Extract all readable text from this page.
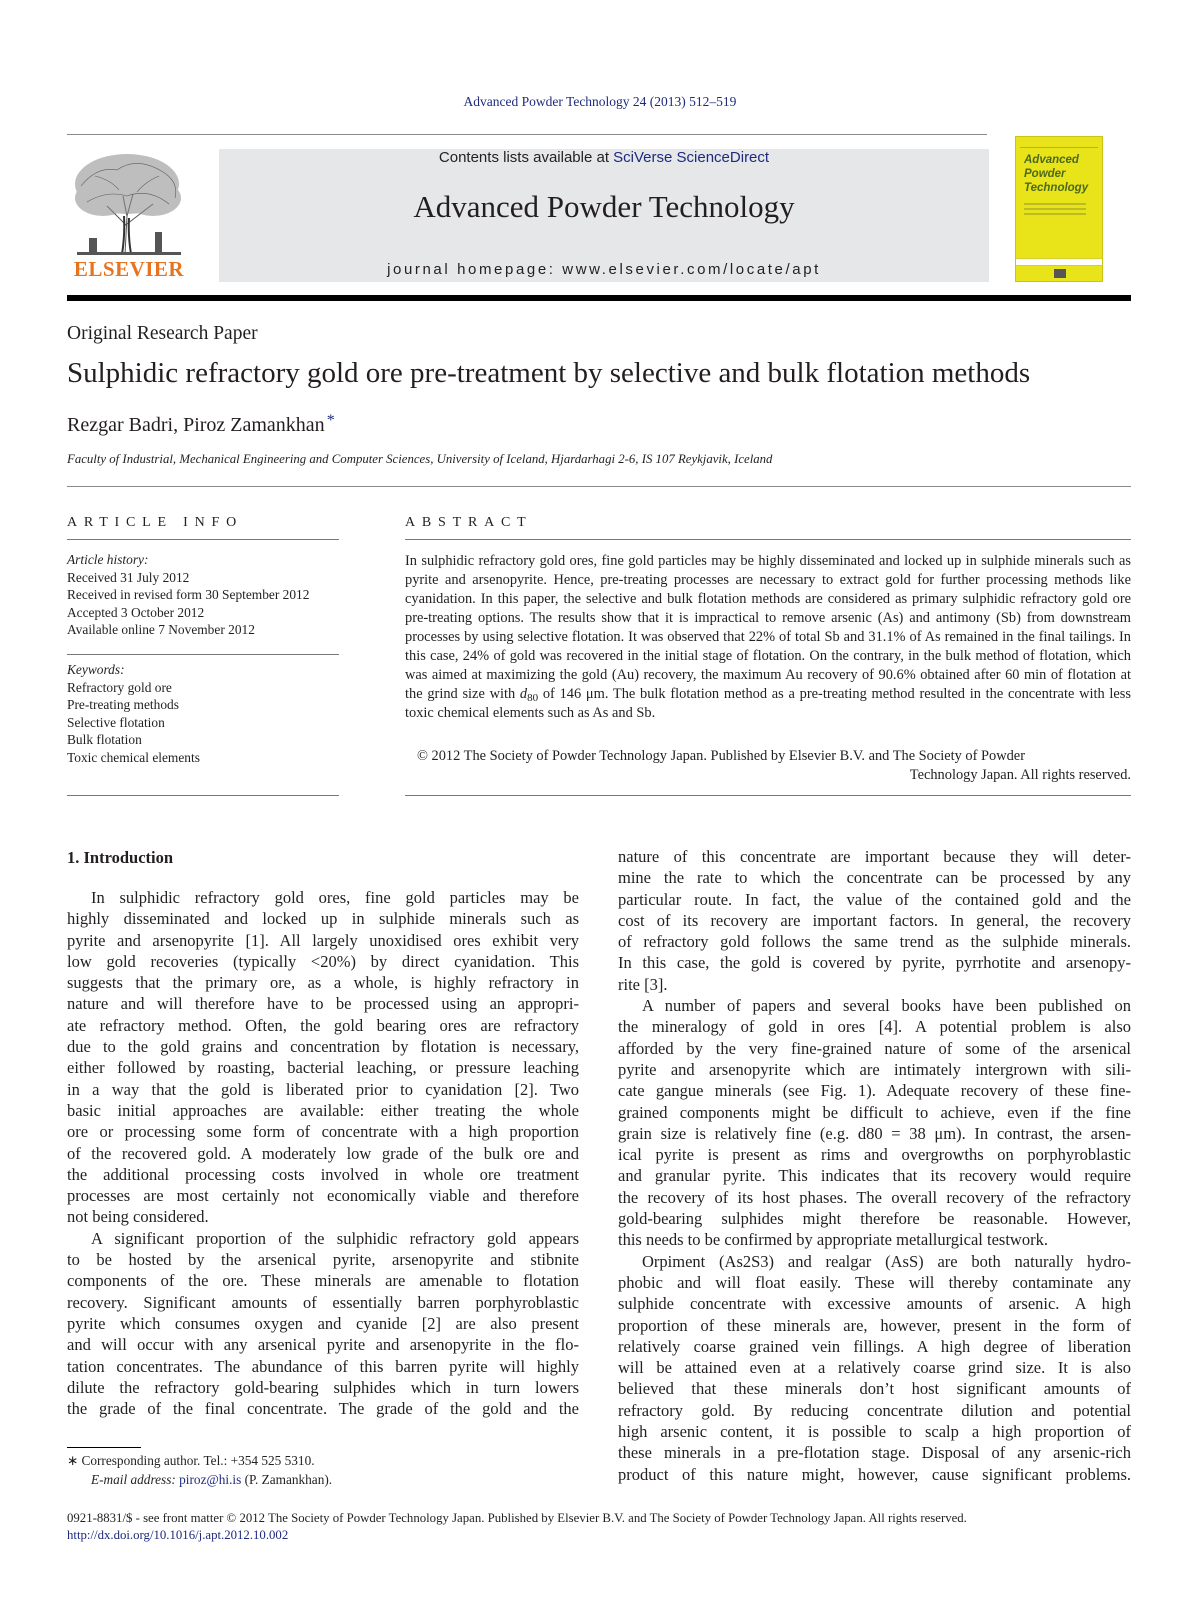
Advanced Powder Technology 24 (2013) 512–519
ELSEVIER
Contents lists available at SciVerse ScienceDirect
Advanced Powder Technology
journal homepage: www.elsevier.com/locate/apt
Advanced
Powder
Technology
Original Research Paper
Sulphidic refractory gold ore pre-treatment by selective and bulk flotation methods
Rezgar Badri, Piroz Zamankhan *
Faculty of Industrial, Mechanical Engineering and Computer Sciences, University of Iceland, Hjardarhagi 2-6, IS 107 Reykjavik, Iceland
ARTICLE INFO	ABSTRACT
Article history:
Received 31 July 2012
Received in revised form 30 September 2012
Accepted 3 October 2012
Available online 7 November 2012
Keywords:
Refractory gold ore
Pre-treating methods
Selective flotation
Bulk flotation
Toxic chemical elements
In sulphidic refractory gold ores, fine gold particles may be highly disseminated and locked up in sulphide minerals such as pyrite and arsenopyrite. Hence, pre-treating processes are necessary to extract gold for further processing methods like cyanidation. In this paper, the selective and bulk flotation methods are considered as primary sulphidic refractory gold ore pre-treating options. The results show that it is impractical to remove arsenic (As) and antimony (Sb) from downstream processes by using selective flotation. It was observed that 22% of total Sb and 31.1% of As remained in the final tailings. In this case, 24% of gold was recovered in the initial stage of flotation. On the contrary, in the bulk method of flotation, which was aimed at maximizing the gold (Au) recovery, the maximum Au recovery of 90.6% obtained after 60 min of flotation at the grind size with $d_{80}$ of 146 μm. The bulk flotation method as a pre-treating method resulted in the concentrate with less toxic chemical elements such as As and Sb.
© 2012 The Society of Powder Technology Japan. Published by Elsevier B.V. and The Society of Powder
Technology Japan. All rights reserved.
1. Introduction
In sulphidic refractory gold ores, fine gold particles may be
highly disseminated and locked up in sulphide minerals such as
pyrite and arsenopyrite [1]. All largely unoxidised ores exhibit very
low gold recoveries (typically <20%) by direct cyanidation. This
suggests that the primary ore, as a whole, is highly refractory in
nature and will therefore have to be processed using an appropri-
ate refractory method. Often, the gold bearing ores are refractory
due to the gold grains and concentration by flotation is necessary,
either followed by roasting, bacterial leaching, or pressure leaching
in a way that the gold is liberated prior to cyanidation [2]. Two
basic initial approaches are available: either treating the whole
ore or processing some form of concentrate with a high proportion
of the recovered gold. A moderately low grade of the bulk ore and
the additional processing costs involved in whole ore treatment
processes are most certainly not economically viable and therefore
not being considered.
A significant proportion of the sulphidic refractory gold appears
to be hosted by the arsenical pyrite, arsenopyrite and stibnite
components of the ore. These minerals are amenable to flotation
recovery. Significant amounts of essentially barren porphyroblastic
pyrite which consumes oxygen and cyanide [2] are also present
and will occur with any arsenical pyrite and arsenopyrite in the flo-
tation concentrates. The abundance of this barren pyrite will highly
dilute the refractory gold-bearing sulphides which in turn lowers
the grade of the final concentrate. The grade of the gold and the
nature of this concentrate are important because they will deter-
mine the rate to which the concentrate can be processed by any
particular route. In fact, the value of the contained gold and the
cost of its recovery are important factors. In general, the recovery
of refractory gold follows the same trend as the sulphide minerals.
In this case, the gold is covered by pyrite, pyrrhotite and arsenopy-
rite [3].
A number of papers and several books have been published on
the mineralogy of gold in ores [4]. A potential problem is also
afforded by the very fine-grained nature of some of the arsenical
pyrite and arsenopyrite which are intimately intergrown with sili-
cate gangue minerals (see Fig. 1). Adequate recovery of these fine-
grained components might be difficult to achieve, even if the fine
grain size is relatively fine (e.g. d80 = 38 μm). In contrast, the arsen-
ical pyrite is present as rims and overgrowths on porphyroblastic
and granular pyrite. This indicates that its recovery would require
the recovery of its host phases. The overall recovery of the refractory
gold-bearing sulphides might therefore be reasonable. However,
this needs to be confirmed by appropriate metallurgical testwork.
Orpiment (As2S3) and realgar (AsS) are both naturally hydro-
phobic and will float easily. These will thereby contaminate any
sulphide concentrate with excessive amounts of arsenic. A high
proportion of these minerals are, however, present in the form of
relatively coarse grained vein fillings. A high degree of liberation
will be attained even at a relatively coarse grind size. It is also
believed that these minerals don’t host significant amounts of
refractory gold. By reducing concentrate dilution and potential
high arsenic content, it is possible to scalp a high proportion of
these minerals in a pre-flotation stage. Disposal of any arsenic-rich
product of this nature might, however, cause significant problems.
∗ Corresponding author. Tel.: +354 525 5310.
E-mail address: piroz@hi.is (P. Zamankhan).
0921-8831/$ - see front matter © 2012 The Society of Powder Technology Japan. Published by Elsevier B.V. and The Society of Powder Technology Japan. All rights reserved.
http://dx.doi.org/10.1016/j.apt.2012.10.002
